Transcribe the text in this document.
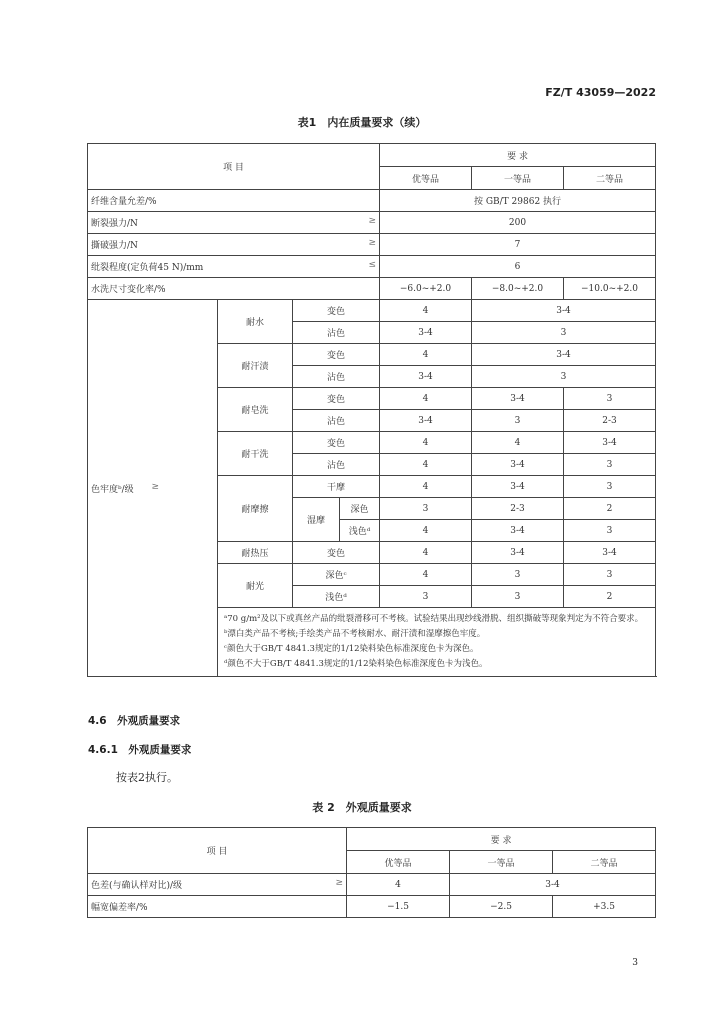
FZ/T 43059—2022
表1　内在质量要求（续）
项 目				要 求		
				优等品	一等品	二等品
纤维含量允差/%				按 GB/T 29862 执行		
断裂强力/N ≥				200		
撕破强力/N ≥				7		
纰裂程度(定负荷45 N)/mm ≤				6		
水洗尺寸变化率/%				−6.0~+2.0	−8.0~+2.0	−10.0~+2.0
色牢度ᵇ/级 ≥	耐水	变色		4	3-4	
		沾色		3-4	3	
	耐汗渍	变色		4	3-4	
		沾色		3-4	3	
	耐皂洗	变色		4	3-4	3
		沾色		3-4	3	2-3
	耐干洗	变色		4	4	3-4
		沾色		4	3-4	3
	耐摩擦	干摩		4	3-4	3
		湿摩	深色	3	2-3	2
			浅色ᵈ	4	3-4	3
	耐热压	变色		4	3-4	3-4
	耐光	深色ᶜ		4	3	3
		浅色ᵈ		3	3	2

	ᵃ70 g/m²及以下或真丝产品的纰裂滑移可不考核。试验结果出现纱线滑脱、组织撕破等现象判定为不符合要求。
ᵇ漂白类产品不考核;手绘类产品不考核耐水、耐汗渍和湿摩擦色牢度。
ᶜ颜色大于GB/T 4841.3规定的1/12染料染色标准深度色卡为深色。
ᵈ颜色不大于GB/T 4841.3规定的1/12染料染色标准深度色卡为浅色。					
4.6　外观质量要求
4.6.1　外观质量要求
按表2执行。
表 2　外观质量要求
项 目	要 求		
	优等品	一等品	二等品
色差(与确认样对比)/级 ≥	4	3-4	
幅宽偏差率/%	−1.5	−2.5	+3.5
3
